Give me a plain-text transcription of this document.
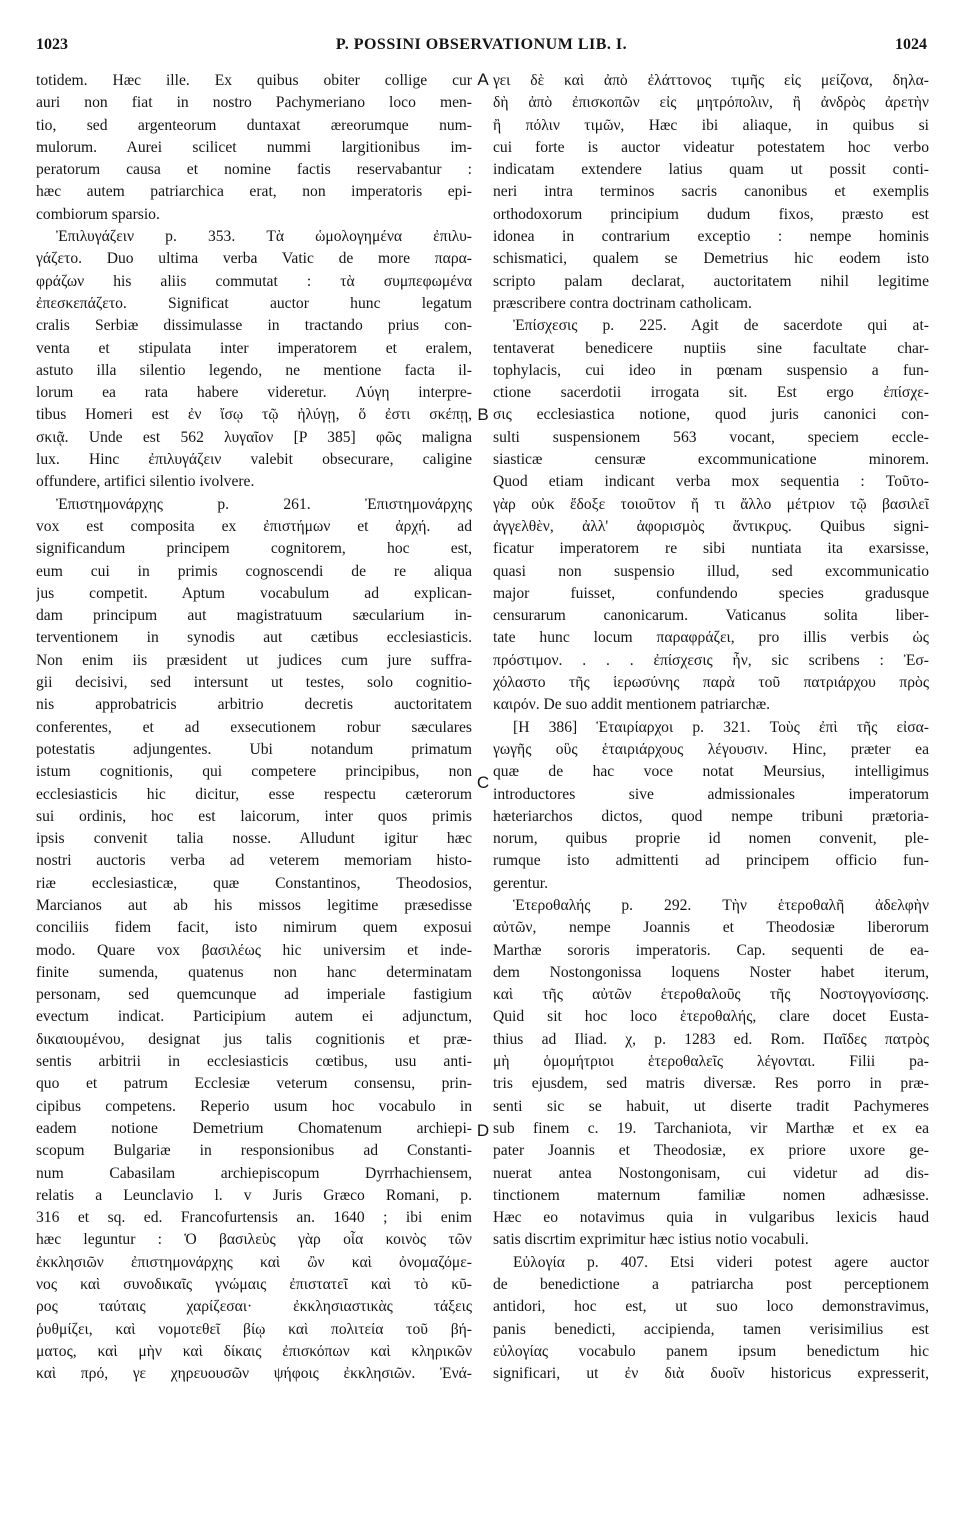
1023	P. POSSINI OBSERVATIONUM LIB. I.	1024
totidem. Hæc ille. Ex quibus obiter collige cur
auri non fiat in nostro Pachymeriano loco men-
tio, sed argenteorum duntaxat æreorumque num-
mulorum. Aurei scilicet nummi largitionibus im-
peratorum causa et nomine factis reservabantur :
hæc autem patriarchica erat, non imperatoris epi-
combiorum sparsio.
Ἐπιλυγάζειν p. 353. Τὰ ὡμολογημένα ἐπιλυ-
γάζετο. Duo ultima verba Vatic de more παρα-
φράζων his aliis commutat : τὰ συμπεφωμένα
ἐπεσκεπάζετο. Significat auctor hunc legatum
cralis Serbiæ dissimulasse in tractando prius con-
venta et stipulata inter imperatorem et eralem,
astuto illa silentio legendo, ne mentione facta il-
lorum ea rata habere videretur. Λύγη interpre-
tibus Homeri est ἐν ἴσῳ τῷ ἠλύγῃ, ὅ ἐστι σκέπῃ,
σκιᾷ. Unde est 562 λυγαῖον [P 385] φῶς maligna
lux. Hinc ἐπιλυγάζειν valebit obsecurare, caligine
offundere, artifici silentio ivolvere.
Ἐπιστημονάρχης p. 261. Ἐπιστημονάρχης
vox est composita ex ἐπιστήμων et ἀρχή. ad
significandum principem cognitorem, hoc est,
eum cui in primis cognoscendi de re aliqua
jus competit. Aptum vocabulum ad explican-
dam principum aut magistratuum sæcularium in-
terventionem in synodis aut cætibus ecclesiasticis.
Non enim iis præsident ut judices cum jure suffra-
gii decisivi, sed intersunt ut testes, solo cognitio-
nis approbatricis arbitrio decretis auctoritatem
conferentes, et ad exsecutionem robur sæculares
potestatis adjungentes. Ubi notandum primatum
istum cognitionis, qui competere principibus, non
ecclesiasticis hic dicitur, esse respectu cæterorum
sui ordinis, hoc est laicorum, inter quos primis
ipsis convenit talia nosse. Alludunt igitur hæc
nostri auctoris verba ad veterem memoriam histo-
riæ ecclesiasticæ, quæ Constantinos, Theodosios,
Marcianos aut ab his missos legitime præsedisse
conciliis fidem facit, isto nimirum quem exposui
modo. Quare vox βασιλέως hic universim et inde-
finite sumenda, quatenus non hanc determinatam
personam, sed quemcunque ad imperiale fastigium
evectum indicat. Participium autem ei adjunctum,
δικαιουμένου, designat jus talis cognitionis et præ-
sentis arbitrii in ecclesiasticis cœtibus, usu anti-
quo et patrum Ecclesiæ veterum consensu, prin-
cipibus competens. Reperio usum hoc vocabulo in
eadem notione Demetrium Chomatenum archiepi-
scopum Bulgariæ in responsionibus ad Constanti-
num Cabasilam archiepiscopum Dyrrhachiensem,
relatis a Leunclavio l. v Juris Græco Romani, p.
316 et sq. ed. Francofurtensis an. 1640 ; ibi enim
hæc leguntur : Ὁ βασιλεὺς γὰρ οἷα κοινὸς τῶν
ἐκκλησιῶν ἐπιστημονάρχης καὶ ὢν καὶ ὀνομαζόμε-
νος καὶ συνοδικαῖς γνώμαις ἐπιστατεῖ καὶ τὸ κῦ-
ρος ταύταις χαρίζεσαι· ἐκκλησιαστικὰς τάξεις
ῥυθμίζει, καὶ νομοτεθεῖ βίῳ καὶ πολιτεία τοῦ βή-
ματος, καὶ μὴν καὶ δίκαις ἐπισκόπων καὶ κληρικῶν
καὶ πρό, γε χηρευουσῶν ψήφοις ἐκκλησιῶν. Ἐνά-
γει δὲ καὶ ἀπὸ ἐλάττονος τιμῆς εἰς μείζονα, δηλα-
δὴ ἀπὸ ἐπισκοπῶν εἰς μητρόπολιν, ἢ ἀνδρὸς ἀρετὴν
ἢ πόλιν τιμῶν, Hæc ibi aliaque, in quibus si
cui forte is auctor videatur potestatem hoc verbo
indicatam extendere latius quam ut possit conti-
neri intra terminos sacris canonibus et exemplis
orthodoxorum principium dudum fixos, præsto est
idonea in contrarium exceptio : nempe hominis
schismatici, qualem se Demetrius hic eodem isto
scripto palam declarat, auctoritatem nihil legitime
præscribere contra doctrinam catholicam.
Ἐπίσχεσις p. 225. Agit de sacerdote qui at-
tentaverat benedicere nuptiis sine facultate char-
tophylacis, cui ideo in pœnam suspensio a fun-
ctione sacerdotii irrogata sit. Est ergo ἐπίσχε-
σις ecclesiastica notione, quod juris canonici con-
sulti suspensionem 563 vocant, speciem eccle-
siasticæ censuræ excommunicatione minorem.
Quod etiam indicant verba mox sequentia : Τοῦτο-
γὰρ οὐκ ἔδοξε τοιοῦτον ἤ τι ἄλλο μέτριον τῷ βασιλεῖ
ἀγγελθὲν, ἀλλ' ἀφορισμὸς ἄντικρυς. Quibus signi-
ficatur imperatorem re sibi nuntiata ita exarsisse,
quasi non suspensio illud, sed excommunicatio
major fuisset, confundendo species gradusque
censurarum canonicarum. Vaticanus solita liber-
tate hunc locum παραφράζει, pro illis verbis ὡς
πρόστιμον. . . . ἐπίσχεσις ἦν, sic scribens : Ἐσ-
χόλαστο τῆς ἱερωσύνης παρὰ τοῦ πατριάρχου πρὸς
καιρόν. De suo addit mentionem patriarchæ.
[H 386] Ἑταιρίαρχοι p. 321. Τοὺς ἐπὶ τῆς εἰσα-
γωγῆς οὓς ἑταιριάρχους λέγουσιν. Hinc, præter ea
quæ de hac voce notat Meursius, intelligimus
introductores sive admissionales imperatorum
hæteriarchos dictos, quod nempe tribuni prætoria-
norum, quibus proprie id nomen convenit, ple-
rumque isto admittenti ad principem officio fun-
gerentur.
Ἑτεροθαλής p. 292. Τὴν ἑτεροθαλῆ ἀδελφὴν
αὐτῶν, nempe Joannis et Theodosiæ liberorum
Marthæ sororis imperatoris. Cap. sequenti de ea-
dem Nostongonissa loquens Noster habet iterum,
καὶ τῆς αὐτῶν ἑτεροθαλοῦς τῆς Νοστογγονίσσης.
Quid sit hoc loco ἑτεροθαλής, clare docet Eusta-
thius ad Iliad. χ, p. 1283 ed. Rom. Παῖδες πατρὸς
μὴ ὁμομήτριοι ἑτεροθαλεῖς λέγονται. Filii pa-
tris ejusdem, sed matris diversæ. Res porro in præ-
senti sic se habuit, ut diserte tradit Pachymeres
sub finem c. 19. Tarchaniota, vir Marthæ et ex ea
pater Joannis et Theodosiæ, ex priore uxore ge-
nuerat antea Nostongonisam, cui videtur ad dis-
tinctionem maternum familiæ nomen adhæsisse.
Hæc eo notavimus quia in vulgaribus lexicis haud
satis discrtim exprimitur hæc istius notio vocabuli.
Εὐλογία p. 407. Etsi videri potest agere auctor
de benedictione a patriarcha post perceptionem
antidori, hoc est, ut suo loco demonstravimus,
panis benedicti, accipienda, tamen verisimilius est
εὐλογίας vocabulo panem ipsum benedictum hic
significari, ut ἐν διὰ δυοῖν historicus expresserit,
A
B
C
D
